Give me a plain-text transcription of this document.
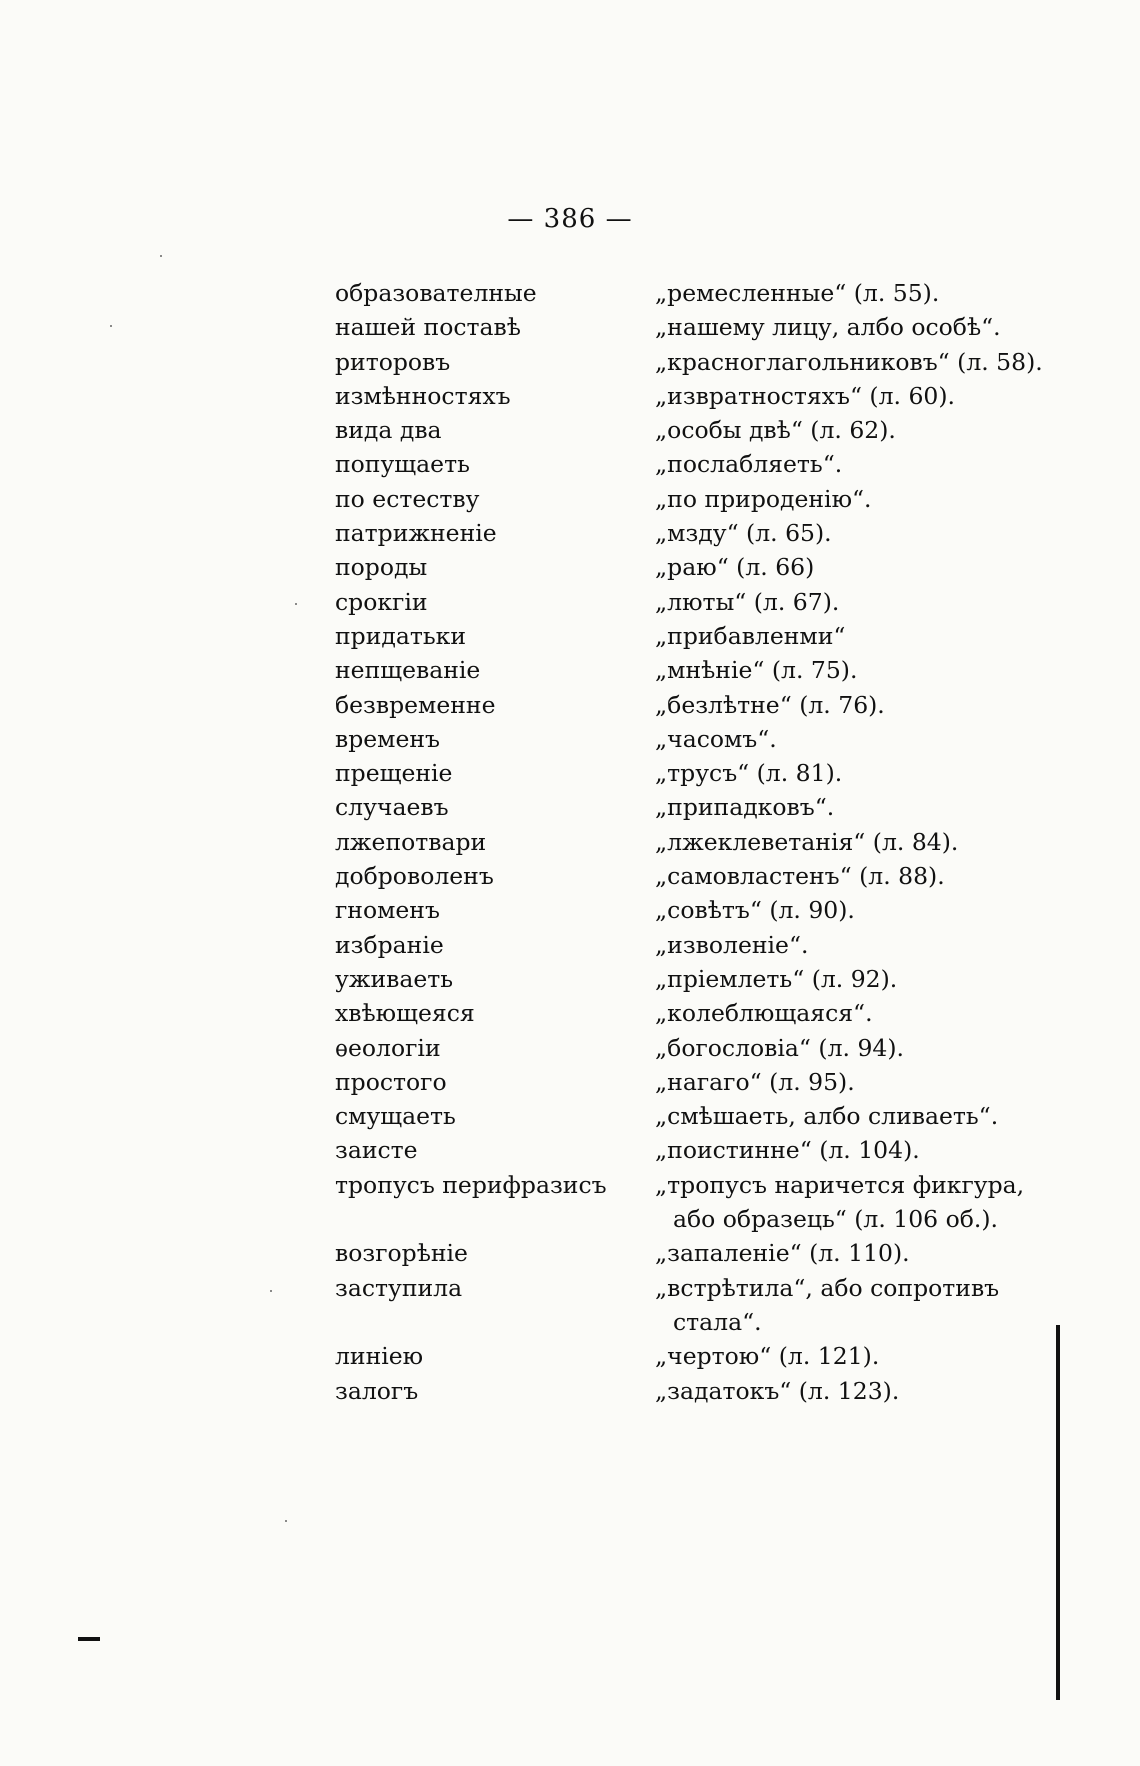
— 386 —
образователные	„ремесленные“ (л. 55).
нашей поставѣ	„нашему лицу, албо особѣ“.
риторовъ	„красноглагольниковъ“ (л. 58).
измѣнностяхъ	„извратностяхъ“ (л. 60).
вида два	„особы двѣ“ (л. 62).
попущаеть	„послабляеть“.
по естеству	„по природенію“.
патрижненіе	„мзду“ (л. 65).
породы	„раю“ (л. 66)
срокгіи	„люты“ (л. 67).
придатьки	„прибавленми“
непщеваніе	„мнѣніе“ (л. 75).
безвременне	„безлѣтне“ (л. 76).
временъ	„часомъ“.
прещеніе	„трусъ“ (л. 81).
случаевъ	„припадковъ“.
лжепотвари	„лжеклеветанія“ (л. 84).
доброволенъ	„самовластенъ“ (л. 88).
гноменъ	„совѣтъ“ (л. 90).
избраніе	„изволеніе“.
уживаеть	„пріемлеть“ (л. 92).
хвѣющеяся	„колеблющаяся“.
ѳеологіи	„богословіа“ (л. 94).
простого	„нагаго“ (л. 95).
смущаеть	„смѣшаеть, албо сливаеть“.
заисте	„поистинне“ (л. 104).
тропусъ перифразисъ	„тропусъ наричется фикгура,
або образець“ (л. 106 об.).
возгорѣніе	„запаленіе“ (л. 110).
заступила	„встрѣтила“, або сопротивъ
стала“.
линіею	„чертою“ (л. 121).
залогъ	„задатокъ“ (л. 123).
